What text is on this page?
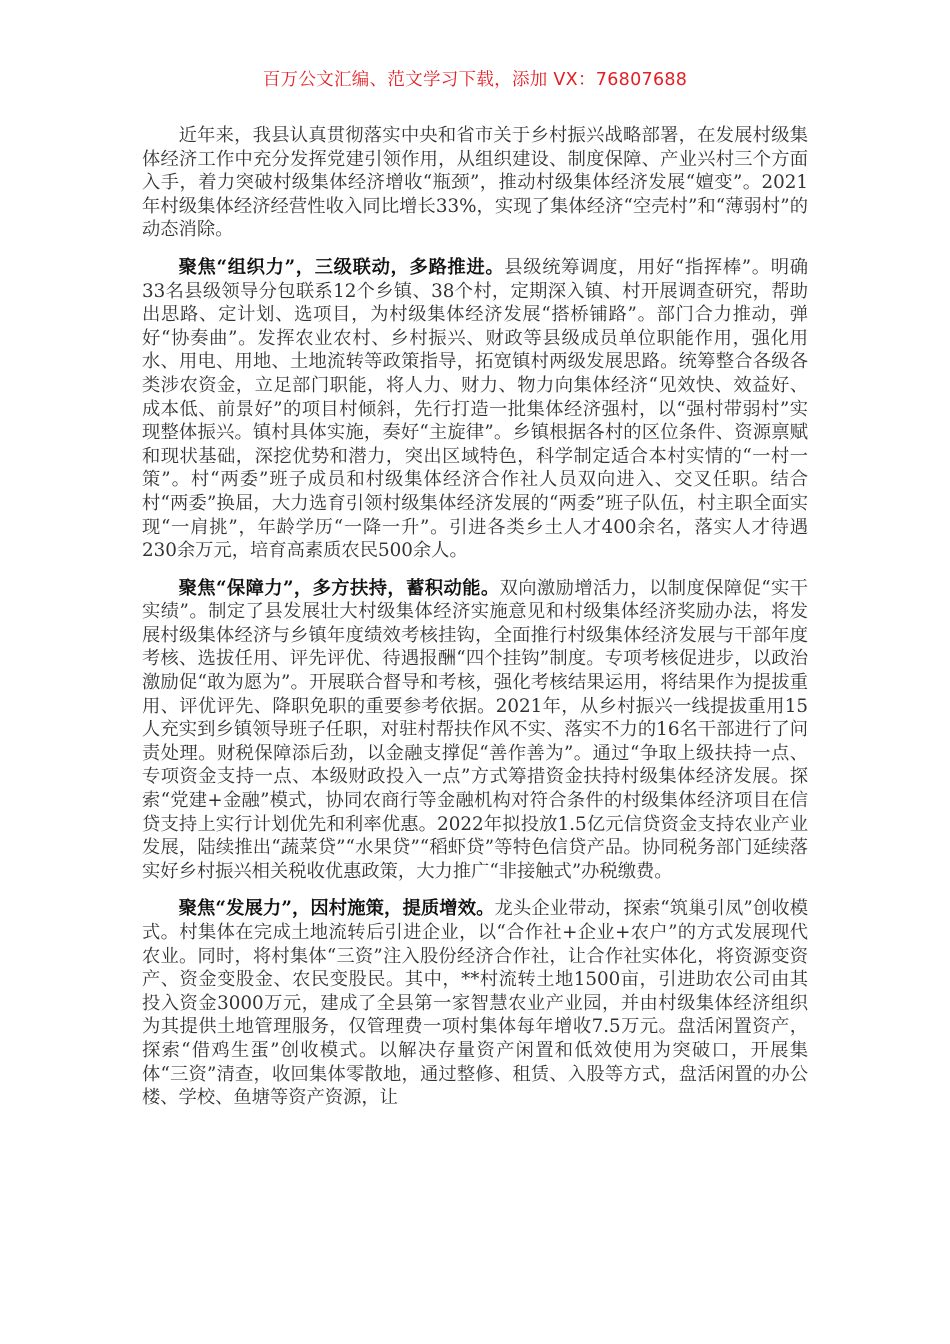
百万公文汇编、范文学习下载，添加 VX：76807688

近年来，我县认真贯彻落实中央和省市关于乡村振兴战略部署，在发展村级集体经济工作中充分发挥党建引领作用，从组织建设、制度保障、产业兴村三个方面入手，着力突破村级集体经济增收“瓶颈”，推动村级集体经济发展“嬗变”。2021年村级集体经济经营性收入同比增长33%，实现了集体经济“空壳村”和“薄弱村”的动态消除。

聚焦“组织力”，三级联动，多路推进。县级统筹调度，用好“指挥棒”。明确33名县级领导分包联系12个乡镇、38个村，定期深入镇、村开展调查研究，帮助出思路、定计划、选项目，为村级集体经济发展“搭桥铺路”。部门合力推动，弹好“协奏曲”。发挥农业农村、乡村振兴、财政等县级成员单位职能作用，强化用水、用电、用地、土地流转等政策指导，拓宽镇村两级发展思路。统筹整合各级各类涉农资金，立足部门职能，将人力、财力、物力向集体经济“见效快、效益好、成本低、前景好”的项目村倾斜，先行打造一批集体经济强村，以“强村带弱村”实现整体振兴。镇村具体实施，奏好“主旋律”。乡镇根据各村的区位条件、资源禀赋和现状基础，深挖优势和潜力，突出区域特色，科学制定适合本村实情的“一村一策”。村“两委”班子成员和村级集体经济合作社人员双向进入、交叉任职。结合村“两委”换届，大力选育引领村级集体经济发展的“两委”班子队伍，村主职全面实现“一肩挑”，年龄学历“一降一升”。引进各类乡土人才400余名，落实人才待遇230余万元，培育高素质农民500余人。

聚焦“保障力”，多方扶持，蓄积动能。双向激励增活力，以制度保障促“实干实绩”。制定了县发展壮大村级集体经济实施意见和村级集体经济奖励办法，将发展村级集体经济与乡镇年度绩效考核挂钩，全面推行村级集体经济发展与干部年度考核、选拔任用、评先评优、待遇报酬“四个挂钩”制度。专项考核促进步，以政治激励促“敢为愿为”。开展联合督导和考核，强化考核结果运用，将结果作为提拔重用、评优评先、降职免职的重要参考依据。2021年，从乡村振兴一线提拔重用15人充实到乡镇领导班子任职，对驻村帮扶作风不实、落实不力的16名干部进行了问责处理。财税保障添后劲，以金融支撑促“善作善为”。通过“争取上级扶持一点、专项资金支持一点、本级财政投入一点”方式筹措资金扶持村级集体经济发展。探索“党建+金融”模式，协同农商行等金融机构对符合条件的村级集体经济项目在信贷支持上实行计划优先和利率优惠。2022年拟投放1.5亿元信贷资金支持农业产业发展，陆续推出“蔬菜贷”“水果贷”“稻虾贷”等特色信贷产品。协同税务部门延续落实好乡村振兴相关税收优惠政策，大力推广“非接触式”办税缴费。

聚焦“发展力”，因村施策，提质增效。龙头企业带动，探索“筑巢引凤”创收模式。村集体在完成土地流转后引进企业，以“合作社+企业+农户”的方式发展现代农业。同时，将村集体“三资”注入股份经济合作社，让合作社实体化，将资源变资产、资金变股金、农民变股民。其中，**村流转土地1500亩，引进助农公司由其投入资金3000万元，建成了全县第一家智慧农业产业园，并由村级集体经济组织为其提供土地管理服务，仅管理费一项村集体每年增收7.5万元。盘活闲置资产，探索“借鸡生蛋”创收模式。以解决存量资产闲置和低效使用为突破口，开展集体“三资”清查，收回集体零散地，通过整修、租赁、入股等方式，盘活闲置的办公楼、学校、鱼塘等资产资源，让
